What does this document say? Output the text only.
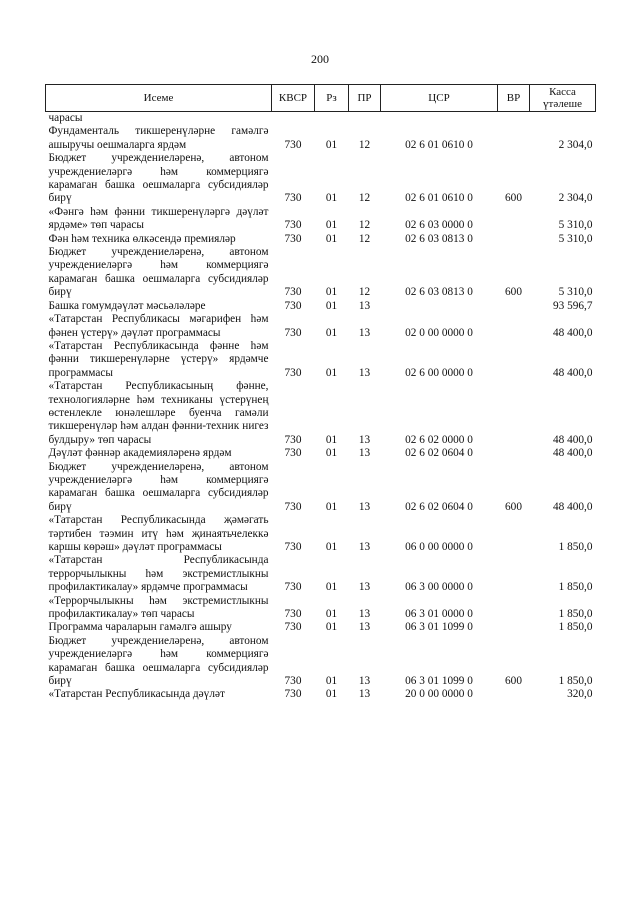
200
Исеме	КВСР	Рз	ПР	ЦСР	ВР	Касса үтәлеше
чарасы						
Фундаменталь тикшеренүләрне гамәлгә ашыручы оешмаларга ярдәм	730	01	12	02 6 01 0610 0		2 304,0
Бюджет учреждениеләренә, автоном учреждениеләргә һәм коммерциягә карамаган башка оешмаларга субсидияләр бирү	730	01	12	02 6 01 0610 0	600	2 304,0
«Фәнгә һәм фәнни тикшеренүләргә дәүләт ярдәме» төп чарасы	730	01	12	02 6 03 0000 0		5 310,0
Фән һәм техника өлкәсендә премияләр	730	01	12	02 6 03 0813 0		5 310,0
Бюджет учреждениеләренә, автоном учреждениеләргә һәм коммерциягә карамаган башка оешмаларга субсидияләр бирү	730	01	12	02 6 03 0813 0	600	5 310,0
Башка гомумдәүләт мәсьәләләре	730	01	13			93 596,7
«Татарстан Республикасы мәгарифен һәм фәнен үстерү» дәүләт программасы	730	01	13	02 0 00 0000 0		48 400,0
«Татарстан Республикасында фәнне һәм фәнни тикшеренүләрне үстерү» ярдәмче программасы	730	01	13	02 6 00 0000 0		48 400,0
«Татарстан Республикасының фәнне, технологияләрне һәм техниканы үстерүнең өстенлекле юнәлешләре буенча гамәли тикшеренүләр һәм алдан фәнни-техник нигез булдыру» төп чарасы	730	01	13	02 6 02 0000 0		48 400,0
Дәүләт фәннәр академияләренә ярдәм	730	01	13	02 6 02 0604 0		48 400,0
Бюджет учреждениеләренә, автоном учреждениеләргә һәм коммерциягә карамаган башка оешмаларга субсидияләр бирү	730	01	13	02 6 02 0604 0	600	48 400,0
«Татарстан Республикасында җәмәгать тәртибен тәэмин итү һәм җинаятьчелеккә каршы көрәш» дәүләт программасы	730	01	13	06 0 00 0000 0		1 850,0
«Татарстан Республикасында террорчылыкны һәм экстремистлыкны профилактикалау» ярдәмче программасы	730	01	13	06 3 00 0000 0		1 850,0
«Террорчылыкны һәм экстремистлыкны профилактикалау» төп чарасы	730	01	13	06 3 01 0000 0		1 850,0
Программа чараларын гамәлгә ашыру	730	01	13	06 3 01 1099 0		1 850,0
Бюджет учреждениеләренә, автоном учреждениеләргә һәм коммерциягә карамаган башка оешмаларга субсидияләр бирү	730	01	13	06 3 01 1099 0	600	1 850,0
«Татарстан Республикасында дәүләт	730	01	13	20 0 00 0000 0		320,0
